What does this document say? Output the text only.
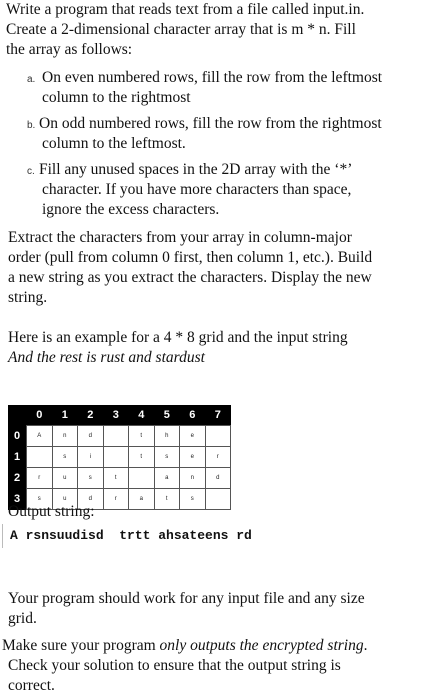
Write a program that reads text from a file called input.in.
Create a 2-dimensional character array that is m * n. Fill
the array as follows:
a. On even numbered rows, fill the row from the leftmost
column to the rightmost
b. On odd numbered rows, fill the row from the rightmost
column to the leftmost.
c. Fill any unused spaces in the 2D array with the ‘*’
character. If you have more characters than space,
ignore the excess characters.
Extract the characters from your array in column-major
order (pull from column 0 first, then column 1, etc.). Build
a new string as you extract the characters. Display the new
string.
Here is an example for a 4 * 8 grid and the input string
And the rest is rust and stardust
	0	1	2	3	4	5	6	7
0	A	n	d		t	h	e	
1		s	i		t	s	e	r
2	r	u	s	t		a	n	d
3	s	u	d	r	a	t	s	
Output string:
A rsnsuudisd  trtt ahsateens rd
Your program should work for any input file and any size
grid.
Make sure your program only outputs the encrypted string.
Check your solution to ensure that the output string is
correct.
